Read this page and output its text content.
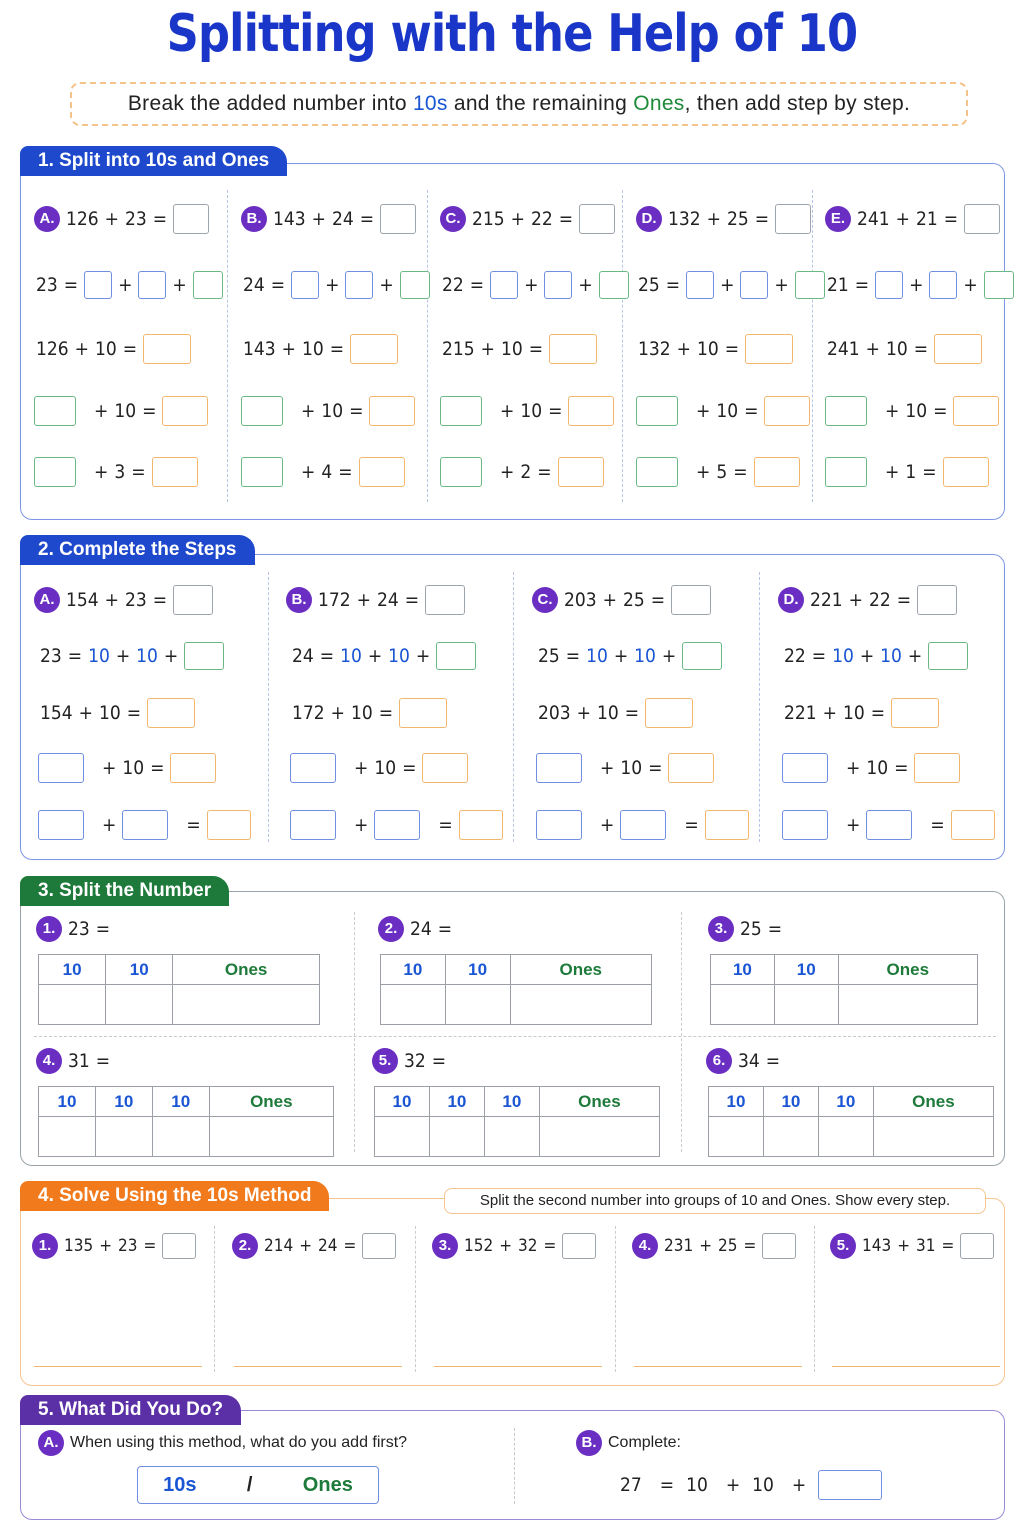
Splitting with the Help of 10
Break the added number into 10s and the remaining Ones, then add step by step.
1. Split into 10s and Ones
A. 126 + 23 =
23 = + +
126 + 10 =
+ 10 =
+ 3 =
B. 143 + 24 =
24 = + +
143 + 10 =
+ 10 =
+ 4 =
C. 215 + 22 =
22 = + +
215 + 10 =
+ 10 =
+ 2 =
D. 132 + 25 =
25 = + +
132 + 10 =
+ 10 =
+ 5 =
E. 241 + 21 =
21 = + +
241 + 10 =
+ 10 =
+ 1 =
2. Complete the Steps
A. 154 + 23 =
23 = 10 + 10 +
154 + 10 =
+ 10 =
+	=
B. 172 + 24 =
24 = 10 + 10 +
172 + 10 =
+ 10 =
+	=
C. 203 + 25 =
25 = 10 + 10 +
203 + 10 =
+ 10 =
+	=
D. 221 + 22 =
22 = 10 + 10 +
221 + 10 =
+ 10 =
+	=
3. Split the Number
1. 23 =
10	10	Ones

2. 24 =
10	10	Ones

3. 25 =
10	10	Ones

4. 31 =
10	10	10	Ones

5. 32 =
10	10	10	Ones

6. 34 =
10	10	10	Ones

4. Solve Using the 10s Method	Split the second number into groups of 10 and Ones. Show every step.
1. 135 + 23 =	2. 214 + 24 =	3. 152 + 32 =	4. 231 + 25 =	5. 143 + 31 =
5. What Did You Do?
A. When using this method, what do you add first?
10s	/	Ones
B. Complete:
27 = 10 + 10 +
